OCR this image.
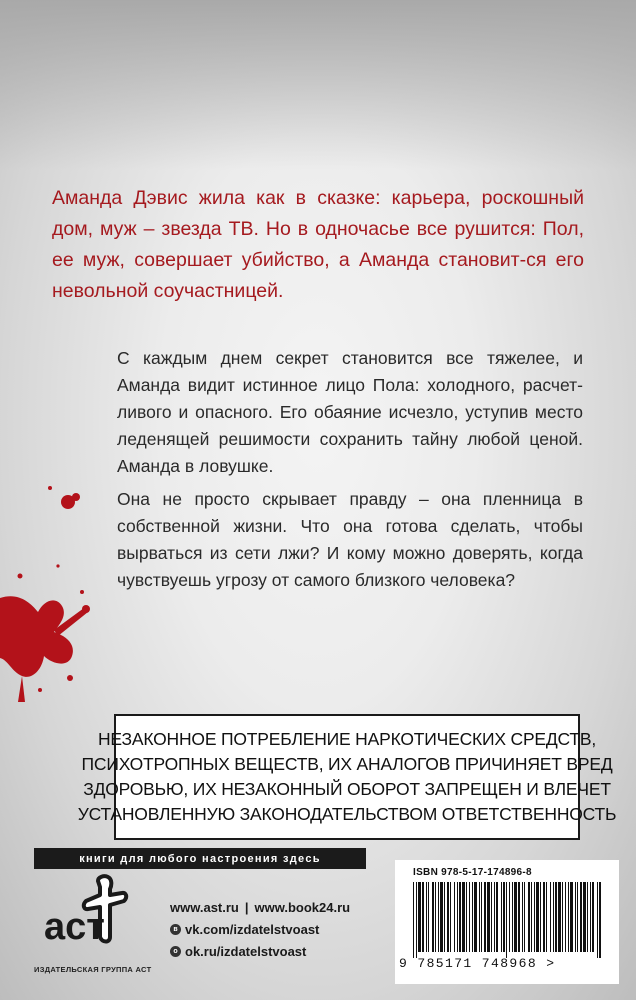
Аманда Дэвис жила как в сказке: карьера, роскошный дом, муж – звезда ТВ. Но в одночасье все рушится: Пол, ее муж, совершает убийство, а Аманда становит-ся его невольной соучастницей.

С каждым днем секрет становится все тяжелее, и Аманда видит истинное лицо Пола: холодного, расчет-ливого и опасного. Его обаяние исчезло, уступив место леденящей решимости сохранить тайну любой ценой. Аманда в ловушке.

Она не просто скрывает правду – она пленница в собственной жизни. Что она готова сделать, чтобы вырваться из сети лжи? И кому можно доверять, когда чувствуешь угрозу от самого близкого человека?

НЕЗАКОННОЕ ПОТРЕБЛЕНИЕ НАРКОТИЧЕСКИХ СРЕДСТВ,
ПСИХОТРОПНЫХ ВЕЩЕСТВ, ИХ АНАЛОГОВ ПРИЧИНЯЕТ ВРЕД
ЗДОРОВЬЮ, ИХ НЕЗАКОННЫЙ ОБОРОТ ЗАПРЕЩЕН И ВЛЕЧЕТ
УСТАНОВЛЕННУЮ ЗАКОНОДАТЕЛЬСТВОМ ОТВЕТСТВЕННОСТЬ
книги для любого настроения здесь
аст
ИЗДАТЕЛЬСКАЯ ГРУППА АСТ
www.ast.ru | www.book24.ru
в vk.com/izdatelstvoast
о ok.ru/izdatelstvoast
ISBN 978-5-17-174896-8
9 785171 748968 >
